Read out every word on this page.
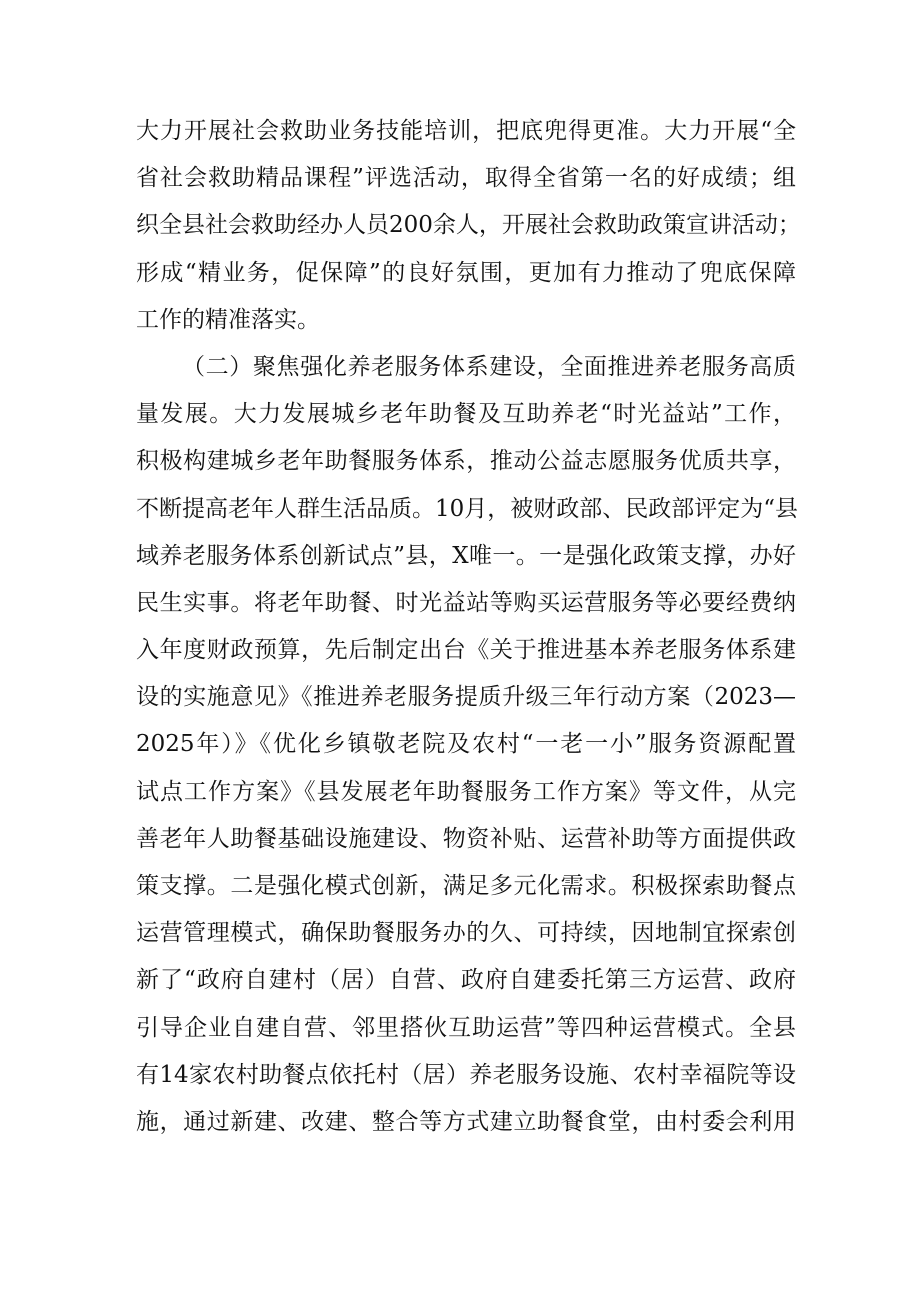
大力开展社会救助业务技能培训，把底兜得更准。大力开展“全
省社会救助精品课程”评选活动，取得全省第一名的好成绩；组
织全县社会救助经办人员200余人，开展社会救助政策宣讲活动；
形成“精业务，促保障”的良好氛围，更加有力推动了兜底保障
工作的精准落实。
（二）聚焦强化养老服务体系建设，全面推进养老服务高质
量发展。大力发展城乡老年助餐及互助养老“时光益站”工作，
积极构建城乡老年助餐服务体系，推动公益志愿服务优质共享，
不断提高老年人群生活品质。10月，被财政部、民政部评定为“县
域养老服务体系创新试点”县，X唯一。一是强化政策支撑，办好
民生实事。将老年助餐、时光益站等购买运营服务等必要经费纳
入年度财政预算，先后制定出台《关于推进基本养老服务体系建
设的实施意见》《推进养老服务提质升级三年行动方案（2023—
2025年）》《优化乡镇敬老院及农村“一老一小”服务资源配置
试点工作方案》《县发展老年助餐服务工作方案》等文件，从完
善老年人助餐基础设施建设、物资补贴、运营补助等方面提供政
策支撑。二是强化模式创新，满足多元化需求。积极探索助餐点
运营管理模式，确保助餐服务办的久、可持续，因地制宜探索创
新了“政府自建村（居）自营、政府自建委托第三方运营、政府
引导企业自建自营、邻里搭伙互助运营”等四种运营模式。全县
有14家农村助餐点依托村（居）养老服务设施、农村幸福院等设
施，通过新建、改建、整合等方式建立助餐食堂，由村委会利用
